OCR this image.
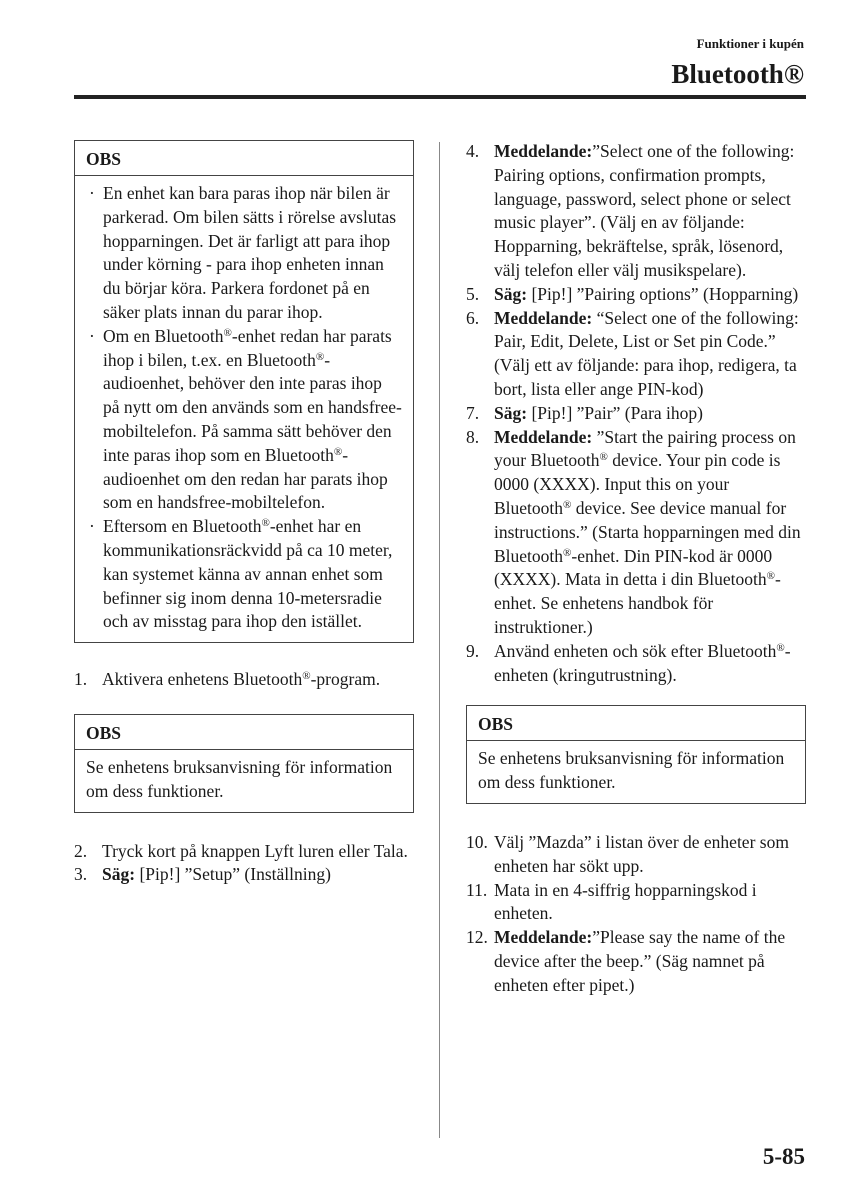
Funktioner i kupén
Bluetooth®
OBS
· En enhet kan bara paras ihop när bilen är parkerad. Om bilen sätts i rörelse avslutas hopparningen. Det är farligt att para ihop under körning - para ihop enheten innan du börjar köra. Parkera fordonet på en säker plats innan du parar ihop.
· Om en Bluetooth®-enhet redan har parats ihop i bilen, t.ex. en Bluetooth®-audioenhet, behöver den inte paras ihop på nytt om den används som en handsfree-mobiltelefon. På samma sätt behöver den inte paras ihop som en Bluetooth®-audioenhet om den redan har parats ihop som en handsfree-mobiltelefon.
· Eftersom en Bluetooth®-enhet har en kommunikationsräckvidd på ca 10 meter, kan systemet känna av annan enhet som befinner sig inom denna 10-metersradie och av misstag para ihop den istället.
1. Aktivera enhetens Bluetooth®-program.
OBS
Se enhetens bruksanvisning för information om dess funktioner.
2. Tryck kort på knappen Lyft luren eller Tala.
3. Säg: [Pip!] ”Setup” (Inställning)
4. Meddelande:”Select one of the following: Pairing options, confirmation prompts, language, password, select phone or select music player”. (Välj en av följande: Hopparning, bekräftelse, språk, lösenord, välj telefon eller välj musikspelare).
5. Säg: [Pip!] ”Pairing options” (Hopparning)
6. Meddelande: “Select one of the following: Pair, Edit, Delete, List or Set pin Code.” (Välj ett av följande: para ihop, redigera, ta bort, lista eller ange PIN-kod)
7. Säg: [Pip!] ”Pair” (Para ihop)
8. Meddelande: ”Start the pairing process on your Bluetooth® device. Your pin code is 0000 (XXXX). Input this on your Bluetooth® device. See device manual for instructions.” (Starta hopparningen med din Bluetooth®-enhet. Din PIN-kod är 0000 (XXXX). Mata in detta i din Bluetooth®-enhet. Se enhetens handbok för instruktioner.)
9. Använd enheten och sök efter Bluetooth®-enheten (kringutrustning).
OBS
Se enhetens bruksanvisning för information om dess funktioner.
10. Välj ”Mazda” i listan över de enheter som enheten har sökt upp.
11. Mata in en 4-siffrig hopparningskod i enheten.
12. Meddelande:”Please say the name of the device after the beep.” (Säg namnet på enheten efter pipet.)
5-85
